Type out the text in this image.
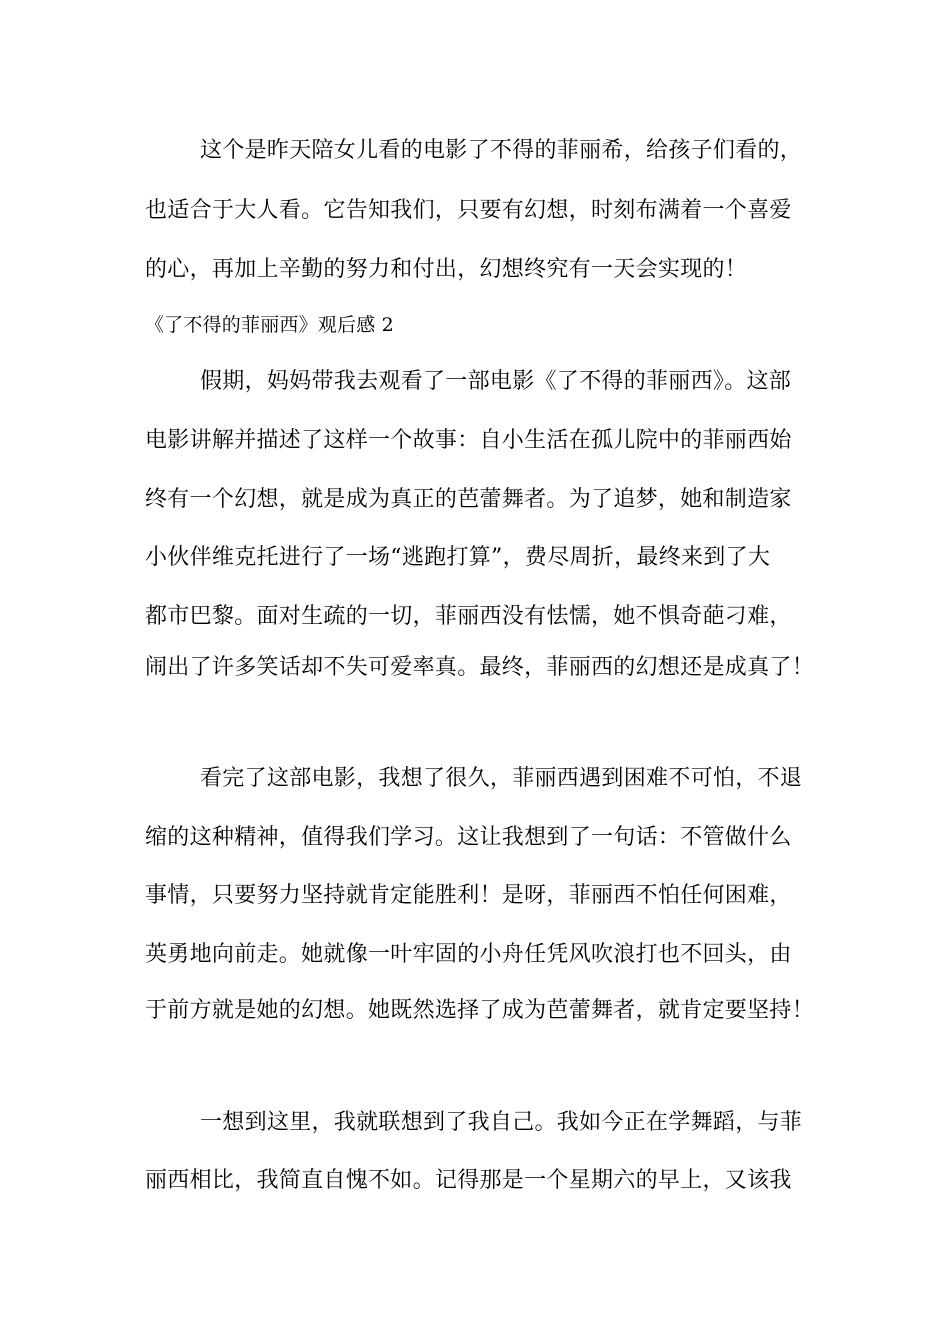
这个是昨天陪女儿看的电影了不得的菲丽希，给孩子们看的，

也适合于大人看。它告知我们，只要有幻想，时刻布满着一个喜爱

的心，再加上辛勤的努力和付出，幻想终究有一天会实现的！

《了不得的菲丽西》观后感 2

假期，妈妈带我去观看了一部电影《了不得的菲丽西》。这部

电影讲解并描述了这样一个故事：自小生活在孤儿院中的菲丽西始

终有一个幻想，就是成为真正的芭蕾舞者。为了追梦，她和制造家

小伙伴维克托进行了一场“逃跑打算”，费尽周折，最终来到了大

都市巴黎。面对生疏的一切，菲丽西没有怯懦，她不惧奇葩刁难，

闹出了许多笑话却不失可爱率真。最终，菲丽西的幻想还是成真了！

看完了这部电影，我想了很久，菲丽西遇到困难不可怕，不退

缩的这种精神，值得我们学习。这让我想到了一句话：不管做什么

事情，只要努力坚持就肯定能胜利！是呀，菲丽西不怕任何困难，

英勇地向前走。她就像一叶牢固的小舟任凭风吹浪打也不回头，由

于前方就是她的幻想。她既然选择了成为芭蕾舞者，就肯定要坚持！

一想到这里，我就联想到了我自己。我如今正在学舞蹈，与菲

丽西相比，我简直自愧不如。记得那是一个星期六的早上，又该我
